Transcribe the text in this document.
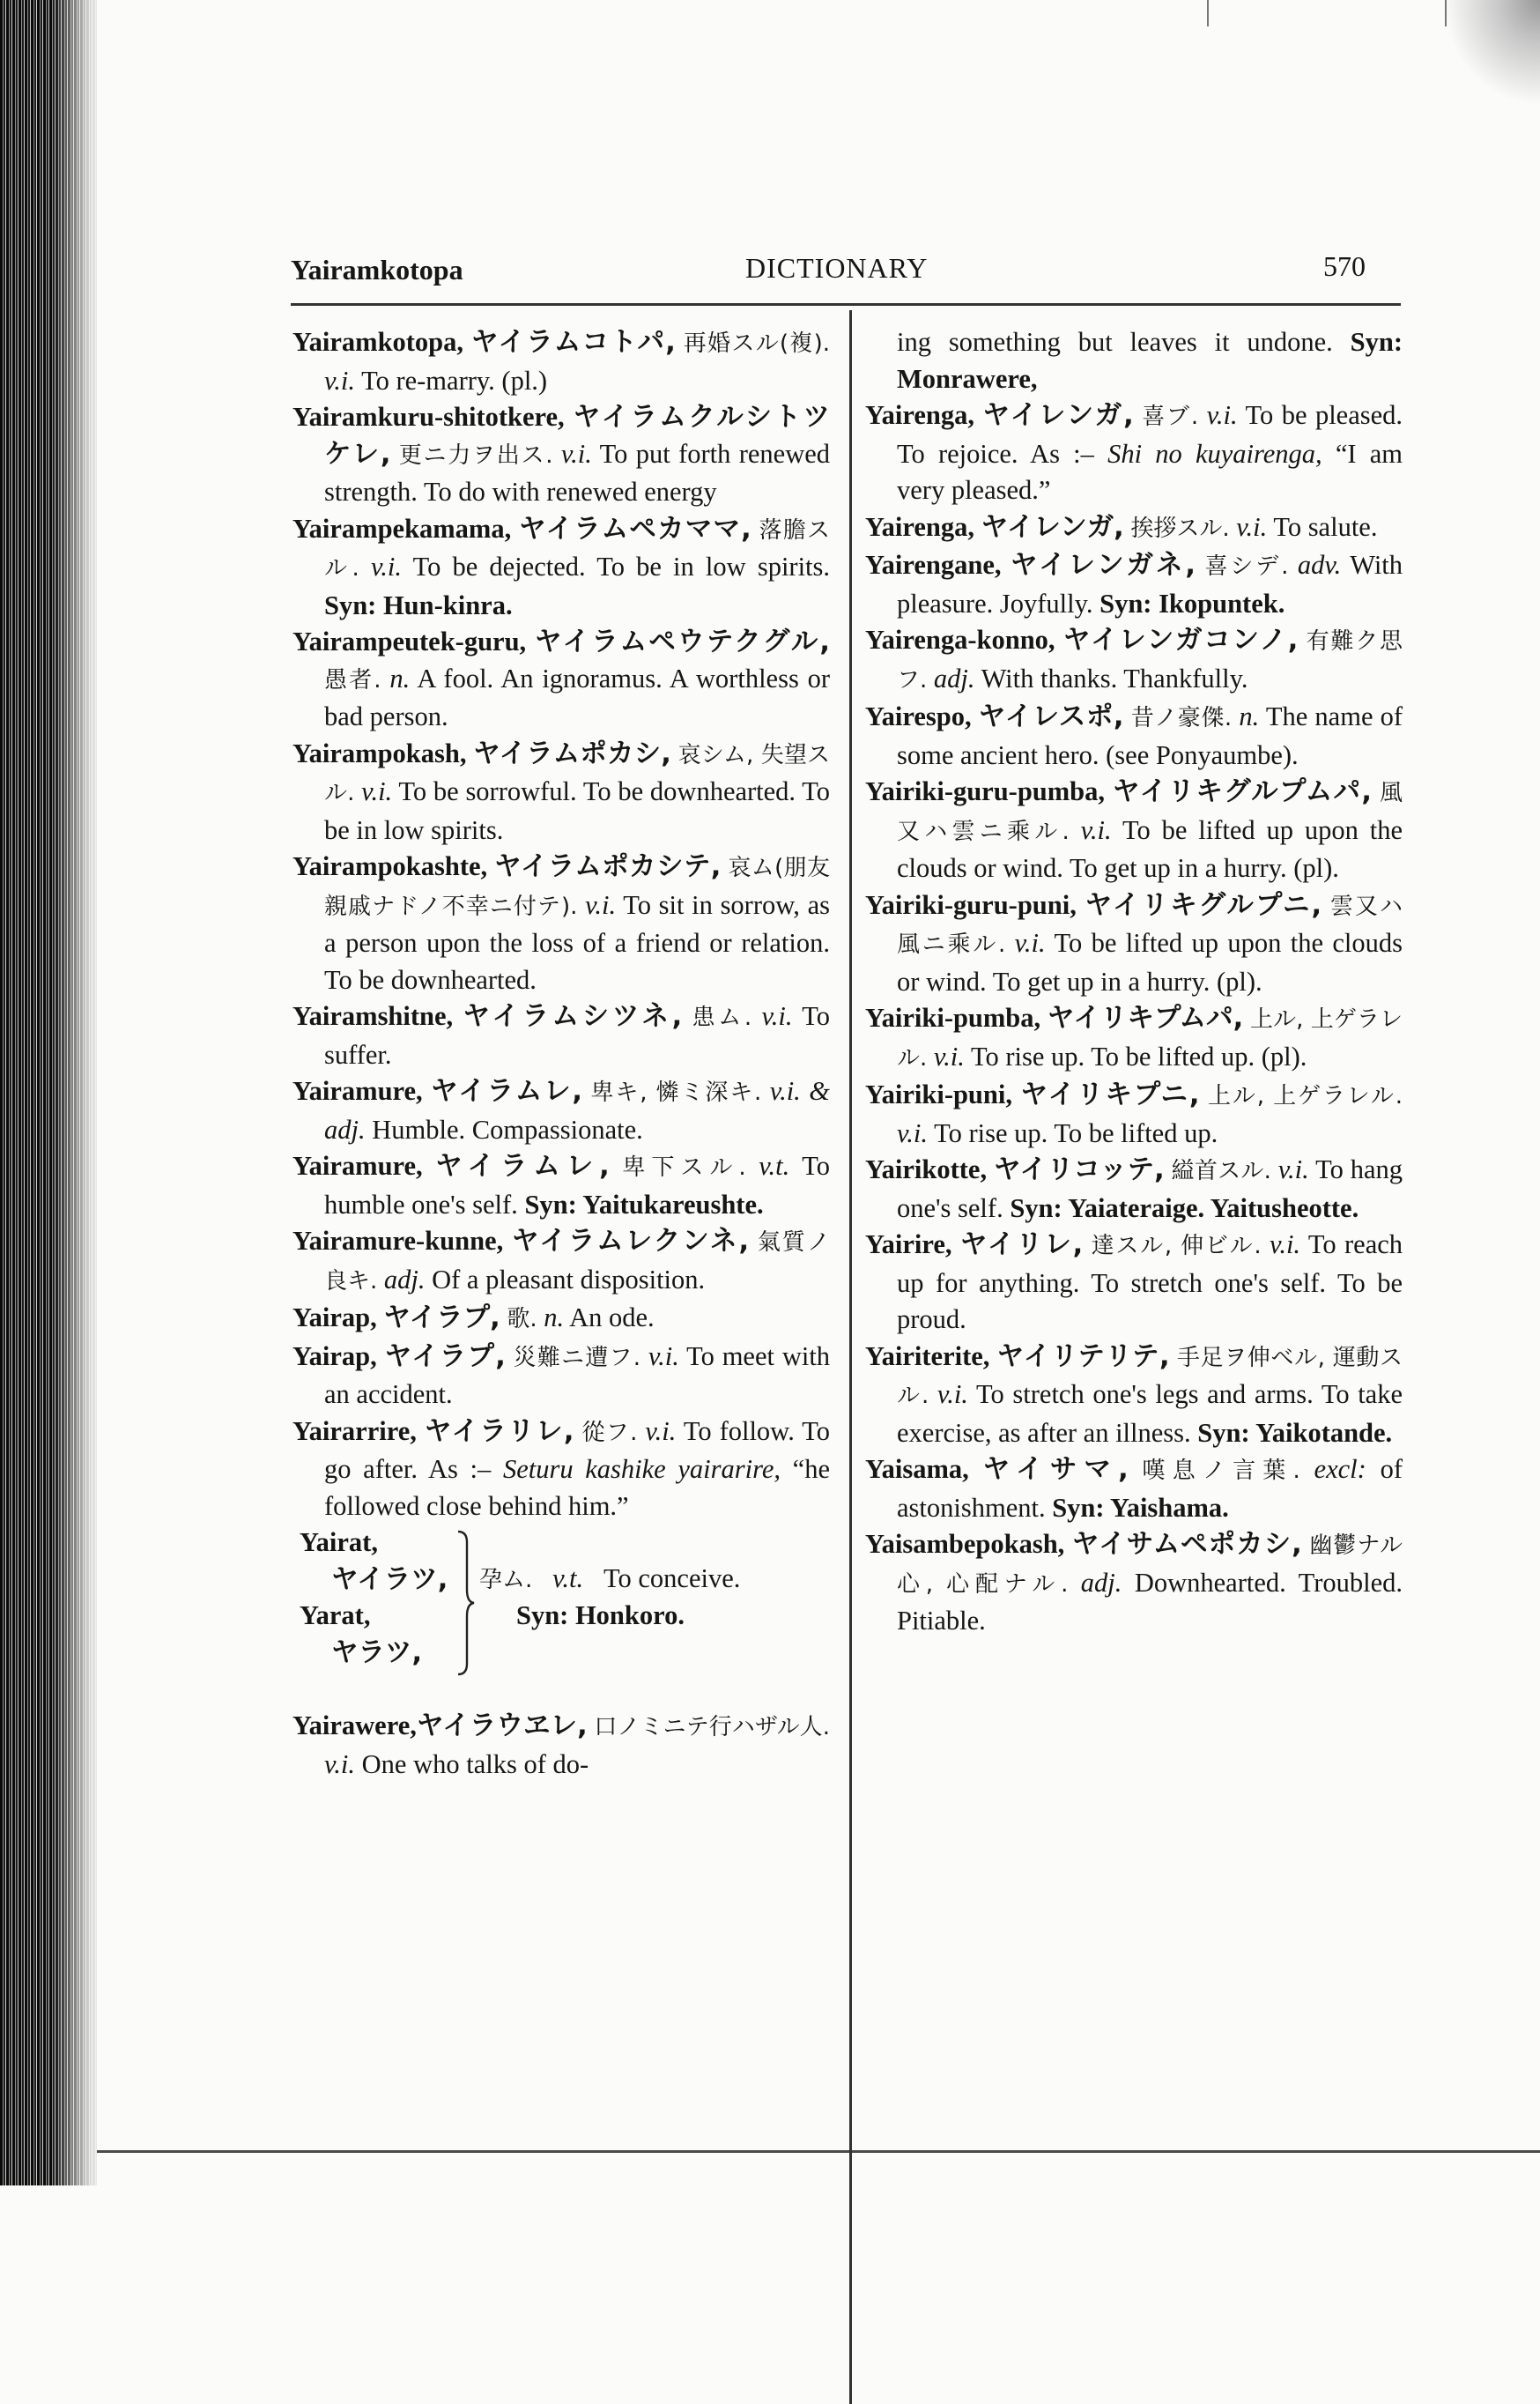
Yairamkotopa	DICTIONARY	570

Yairamkotopa, ヤイラムコトパ, 再婚スル(複). v.i. To re-marry. (pl.)

Yairamkuru-shitotkere, ヤイラムクルシトツケレ, 更ニ力ヲ出ス. v.i. To put forth renewed strength. To do with renewed energy

Yairampekamama, ヤイラムペカママ, 落膽スル. v.i. To be dejected. To be in low spirits. Syn: Hun-kinra.

Yairampeutek-guru, ヤイラムペウテクグル, 愚者. n. A fool. An ignoramus. A worthless or bad person.

Yairampokash, ヤイラムポカシ, 哀シム, 失望スル. v.i. To be sorrowful. To be downhearted. To be in low spirits.

Yairampokashte, ヤイラムポカシテ, 哀ム(朋友親戚ナドノ不幸ニ付テ). v.i. To sit in sorrow, as a person upon the loss of a friend or relation. To be downhearted.

Yairamshitne, ヤイラムシツネ, 患ム. v.i. To suffer.

Yairamure, ヤイラムレ, 卑キ, 憐ミ深キ. v.i. & adj. Humble. Compassionate.

Yairamure, ヤイラムレ, 卑下スル. v.t. To humble one's self. Syn: Yaitukareushte.

Yairamure-kunne, ヤイラムレクンネ, 氣質ノ良キ. adj. Of a pleasant disposition.

Yairap, ヤイラプ, 歌. n. An ode.

Yairap, ヤイラプ, 災難ニ遭フ. v.i. To meet with an accident.

Yairarrire, ヤイラリレ, 從フ. v.i. To follow. To go after. As :– Seturu kashike yairarire, “he followed close behind him.”

Yairat,
ヤイラツ,
Yarat,
ヤラツ,
孕ム. v.t. To conceive.
Syn: Honkoro.

Yairawere,ヤイラウヱレ, 口ノミニテ行ハザル人. v.i. One who talks of do-

ing something but leaves it undone. Syn: Monrawere,

Yairenga, ヤイレンガ, 喜ブ. v.i. To be pleased. To rejoice. As :– Shi no kuyairenga, “I am very pleased.”

Yairenga, ヤイレンガ, 挨拶スル. v.i. To salute.

Yairengane, ヤイレンガネ, 喜シデ. adv. With pleasure. Joyfully. Syn: Ikopuntek.

Yairenga-konno, ヤイレンガコンノ, 有難ク思フ. adj. With thanks. Thankfully.

Yairespo, ヤイレスポ, 昔ノ豪傑. n. The name of some ancient hero. (see Ponyaumbe).

Yairiki-guru-pumba, ヤイリキグルプムパ, 風又ハ雲ニ乘ル. v.i. To be lifted up upon the clouds or wind. To get up in a hurry. (pl).

Yairiki-guru-puni, ヤイリキグルプニ, 雲又ハ風ニ乘ル. v.i. To be lifted up upon the clouds or wind. To get up in a hurry. (pl).

Yairiki-pumba, ヤイリキプムパ, 上ル, 上ゲラレル. v.i. To rise up. To be lifted up. (pl).

Yairiki-puni, ヤイリキプニ, 上ル, 上ゲラレル. v.i. To rise up. To be lifted up.

Yairikotte, ヤイリコッテ, 縊首スル. v.i. To hang one's self. Syn: Yaiateraige. Yaitusheotte.

Yairire, ヤイリレ, 達スル, 伸ビル. v.i. To reach up for anything. To stretch one's self. To be proud.

Yairiterite, ヤイリテリテ, 手足ヲ伸ベル, 運動スル. v.i. To stretch one's legs and arms. To take exercise, as after an illness. Syn: Yaikotande.

Yaisama, ヤイサマ, 嘆息ノ言葉. excl: of astonishment. Syn: Yaishama.

Yaisambepokash, ヤイサムペポカシ, 幽鬱ナル心, 心配ナル. adj. Downhearted. Troubled. Pitiable.
